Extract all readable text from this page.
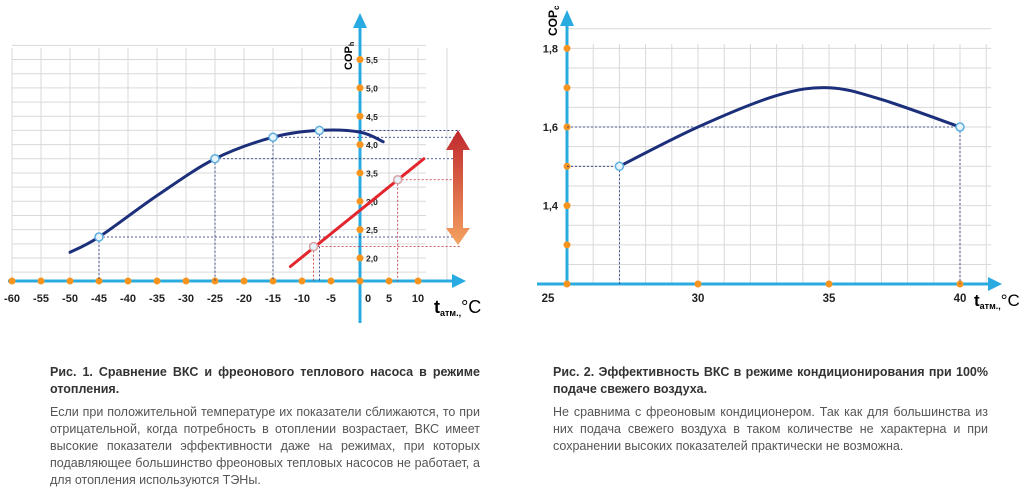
-60 -55 -50 -45 -40 -35 -30 -25 -20 -15 -10 -5	0 5 10
2,0
2,5
3,0
3,5
4,0
4,5
5,0
5,5
25	30	35	40
1,4
1,6
1,8
COPh
tатм.,°C
COPc
tатм.,°C

Рис. 1. Сравнение ВКС и фреонового теплового насоса в режиме отопления.

Если при положительной температуре их показатели сближаются, то при отрицательной, когда потребность в отоплении возрастает, ВКС имеет высокие показатели эффективности даже на режимах, при которых подавляющее большинство фреоновых тепловых насосов не работает, а для отопления используются ТЭНы.

Рис. 2. Эффективность ВКС в режиме кондиционирования при 100% подаче свежего воздуха.

Не сравнима с фреоновым кондиционером. Так как для большинства из них подача свежего воздуха в таком количестве не характерна и при сохранении высоких показателей практически не возможна.
